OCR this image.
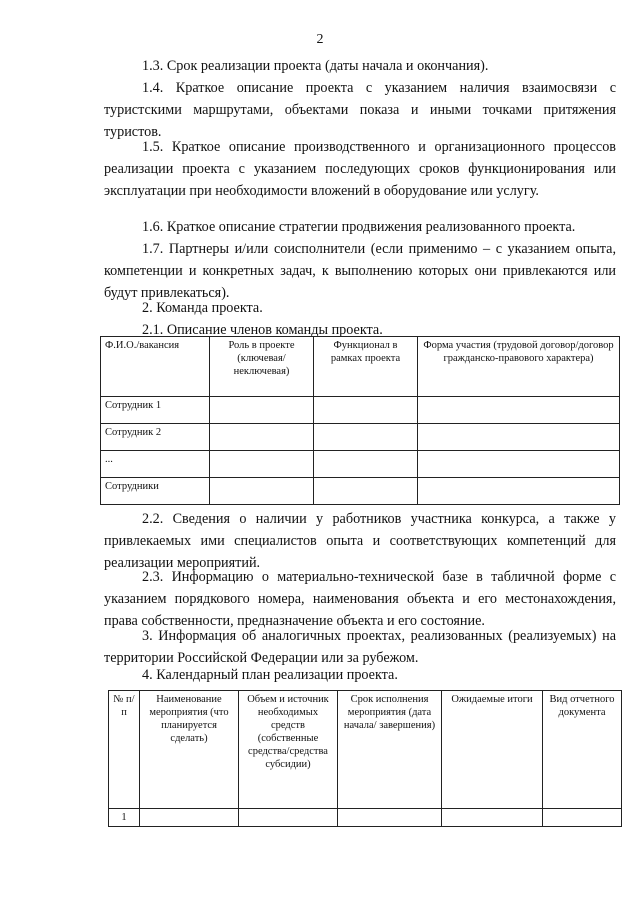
2
1.3. Срок реализации проекта (даты начала и окончания).
1.4. Краткое описание проекта с указанием наличия взаимосвязи с туристскими маршрутами, объектами показа и иными точками притяжения туристов.
1.5. Краткое описание производственного и организационного процессов реализации проекта с указанием последующих сроков функционирования или эксплуатации при необходимости вложений в оборудование или услугу.
1.6. Краткое описание стратегии продвижения реализованного проекта.
1.7. Партнеры и/или соисполнители (если применимо – с указанием опыта, компетенции и конкретных задач, к выполнению которых они привлекаются или будут привлекаться).
2. Команда проекта.
2.1. Описание членов команды проекта.
Ф.И.О./вакансия	Роль в проекте (ключевая/ неключевая)	Функционал в рамках проекта	Форма участия (трудовой договор/договор гражданско-правового характера)
Сотрудник 1			
Сотрудник 2			
...			
Сотрудники			
2.2. Сведения о наличии у работников участника конкурса, а также у привлекаемых ими специалистов опыта и соответствующих компетенций для реализации мероприятий.
2.3. Информацию о материально-технической базе в табличной форме с указанием порядкового номера, наименования объекта и его местонахождения, права собственности, предназначение объекта и его состояние.
3. Информация об аналогичных проектах, реализованных (реализуемых) на территории Российской Федерации или за рубежом.
4. Календарный план реализации проекта.
№ п/п	Наименование мероприятия (что планируется сделать)	Объем и источник необходимых средств (собственные средства/средства субсидии)	Срок исполнения мероприятия (дата начала/ завершения)	Ожидаемые итоги	Вид отчетного документа
1					
